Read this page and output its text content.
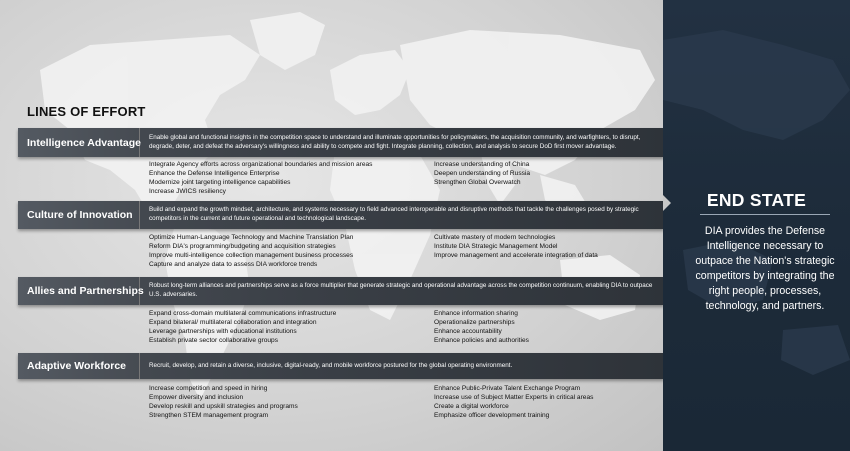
LINES OF EFFORT
Intelligence Advantage Enable global and functional insights in the competition space to understand and illuminate opportunities for policymakers, the acquisition community, and warfighters, to disrupt, degrade, deter, and defeat the adversary's willingness and ability to compete and fight. Integrate planning, collection, and analysis to secure DoD first mover advantage.
Integrate Agency efforts across organizational boundaries and mission areas
Enhance the Defense Intelligence Enterprise
Modernize joint targeting intelligence capabilities
Increase JWICS resiliency
Increase understanding of China
Deepen understanding of Russia
Strengthen Global Overwatch
Culture of Innovation	Build and expand the growth mindset, architecture, and systems necessary to field advanced interoperable and disruptive methods that tackle the challenges posed by strategic competitors in the current and future operational and technological landscape.
Optimize Human-Language Technology and Machine Translation Plan
Reform DIA's programming/budgeting and acquisition strategies
Improve multi-intelligence collection management business processes
Capture and analyze data to assess DIA workforce trends
Cultivate mastery of modern technologies
Institute DIA Strategic Management Model
Improve management and accelerate integration of data
Allies and Partnerships Robust long-term alliances and partnerships serve as a force multiplier that generate strategic and operational advantage across the competition continuum, enabling DIA to outpace U.S. adversaries.
Expand cross-domain multilateral communications infrastructure
Expand bilateral/ multilateral collaboration and integration
Leverage partnerships with educational institutions
Establish private sector collaborative groups
Enhance information sharing
Operationalize partnerships
Enhance accountability
Enhance policies and authorities
Adaptive Workforce	Recruit, develop, and retain a diverse, inclusive, digital-ready, and mobile workforce postured for the global operating environment.
Increase competition and speed in hiring
Empower diversity and inclusion
Develop reskill and upskill strategies and programs
Strengthen STEM management program
Enhance Public-Private Talent Exchange Program
Increase use of Subject Matter Experts in critical areas
Create a digital workforce
Emphasize officer development training
END STATE
DIA provides the Defense Intelligence necessary to outpace the Nation's strategic competitors by integrating the right people, processes, technology, and partners.
